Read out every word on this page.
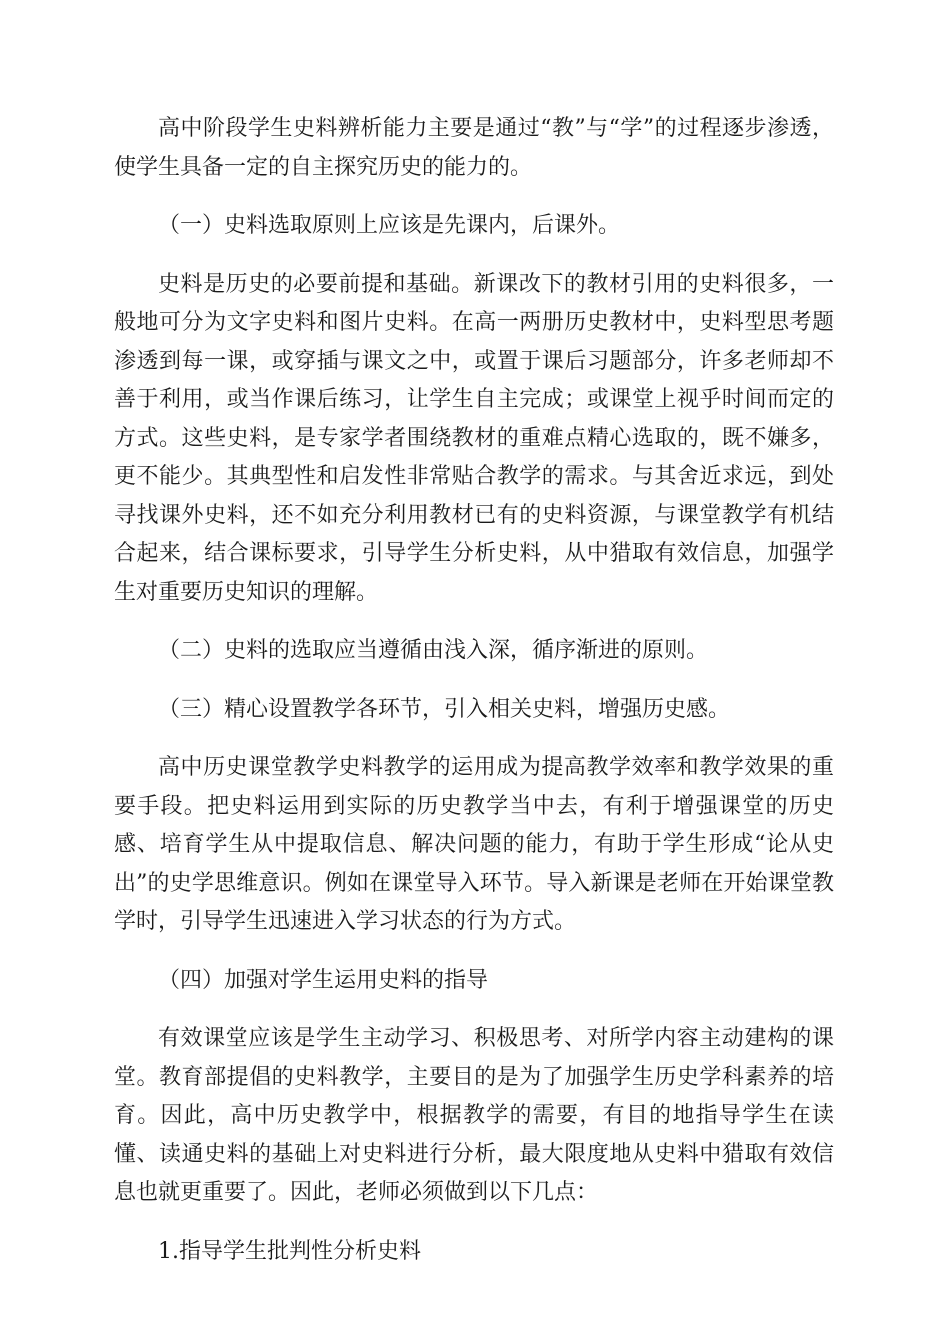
高中阶段学生史料辨析能力主要是通过“教”与“学”的过程逐步渗透，使学生具备一定的自主探究历史的能力的。

（一）史料选取原则上应该是先课内，后课外。

史料是历史的必要前提和基础。新课改下的教材引用的史料很多，一般地可分为文字史料和图片史料。在高一两册历史教材中，史料型思考题渗透到每一课，或穿插与课文之中，或置于课后习题部分，许多老师却不善于利用，或当作课后练习，让学生自主完成；或课堂上视乎时间而定的方式。这些史料，是专家学者围绕教材的重难点精心选取的，既不嫌多，更不能少。其典型性和启发性非常贴合教学的需求。与其舍近求远，到处寻找课外史料，还不如充分利用教材已有的史料资源，与课堂教学有机结合起来，结合课标要求，引导学生分析史料，从中猎取有效信息，加强学生对重要历史知识的理解。

（二）史料的选取应当遵循由浅入深，循序渐进的原则。

（三）精心设置教学各环节，引入相关史料，增强历史感。

高中历史课堂教学史料教学的运用成为提高教学效率和教学效果的重要手段。把史料运用到实际的历史教学当中去，有利于增强课堂的历史感、培育学生从中提取信息、解决问题的能力，有助于学生形成“论从史出”的史学思维意识。例如在课堂导入环节。导入新课是老师在开始课堂教学时，引导学生迅速进入学习状态的行为方式。

（四）加强对学生运用史料的指导

有效课堂应该是学生主动学习、积极思考、对所学内容主动建构的课堂。教育部提倡的史料教学，主要目的是为了加强学生历史学科素养的培育。因此，高中历史教学中，根据教学的需要，有目的地指导学生在读懂、读通史料的基础上对史料进行分析，最大限度地从史料中猎取有效信息也就更重要了。因此，老师必须做到以下几点：

1.指导学生批判性分析史料
